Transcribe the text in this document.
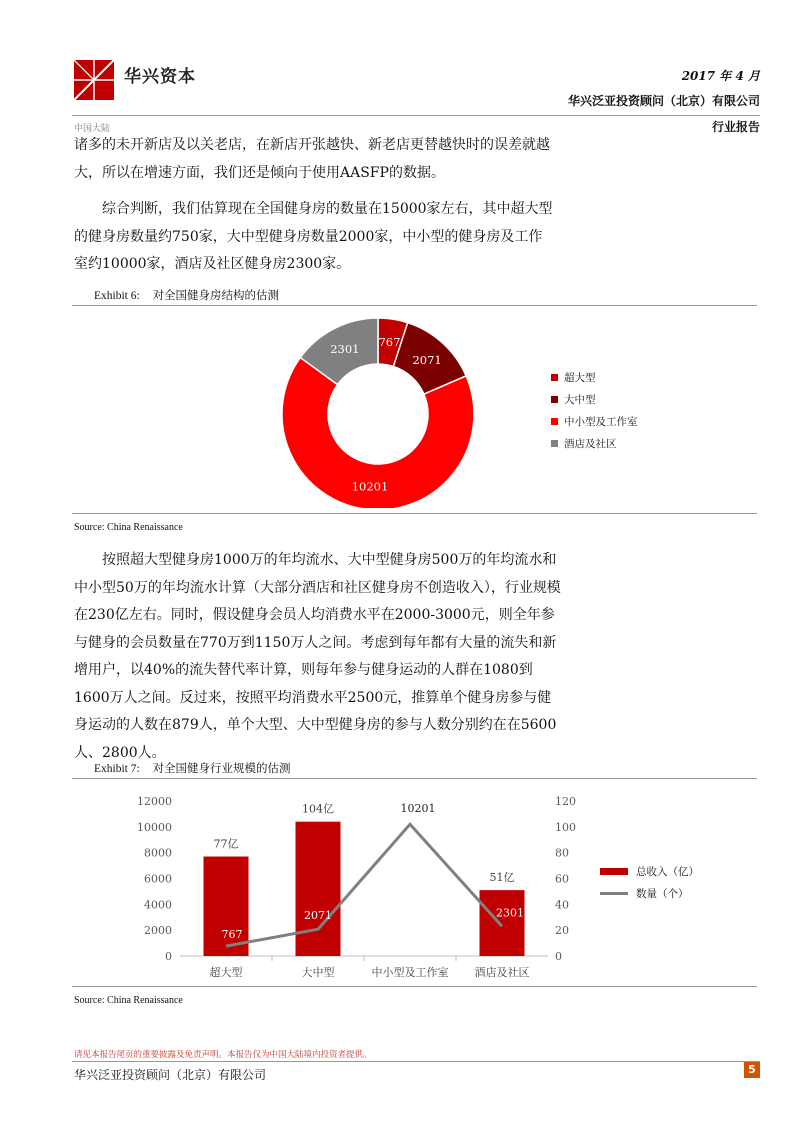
华兴资本	2017 年 4 月
华兴泛亚投资顾问（北京）有限公司
中国大陆	行业报告

诸多的未开新店及以关老店，在新店开张越快、新老店更替越快时的误差就越大，所以在增速方面，我们还是倾向于使用AASFP的数据。

综合判断，我们估算现在全国健身房的数量在15000家左右，其中超大型的健身房数量约750家，大中型健身房数量2000家，中小型的健身房及工作室约10000家，酒店及社区健身房2300家。

Exhibit 6: 对全国健身房结构的估测
767
2071
10201
2301
超大型
大中型
中小型及工作室
酒店及社区
Source: China Renaissance

按照超大型健身房1000万的年均流水、大中型健身房500万的年均流水和中小型50万的年均流水计算（大部分酒店和社区健身房不创造收入），行业规模在230亿左右。同时，假设健身会员人均消费水平在2000-3000元，则全年参与健身的会员数量在770万到1150万人之间。考虑到每年都有大量的流失和新增用户，以40%的流失替代率计算，则每年参与健身运动的人群在1080到1600万人之间。反过来，按照平均消费水平2500元，推算单个健身房参与健身运动的人数在879人，单个大型、大中型健身房的参与人数分别约在在5600人、2800人。

Exhibit 7: 对全国健身行业规模的估测
0
2000
4000
6000
8000
10000
12000
0
20
40
60
80
100
120
超大型
77亿
大中型
104亿
中小型及工作室 酒店及社区
51亿
767
2071
10201
2301
总收入（亿）
数量（个）
Source: China Renaissance
请见本报告尾页的重要披露及免责声明。本报告仅为中国大陆境内投资者提供。
华兴泛亚投资顾问（北京）有限公司	5
